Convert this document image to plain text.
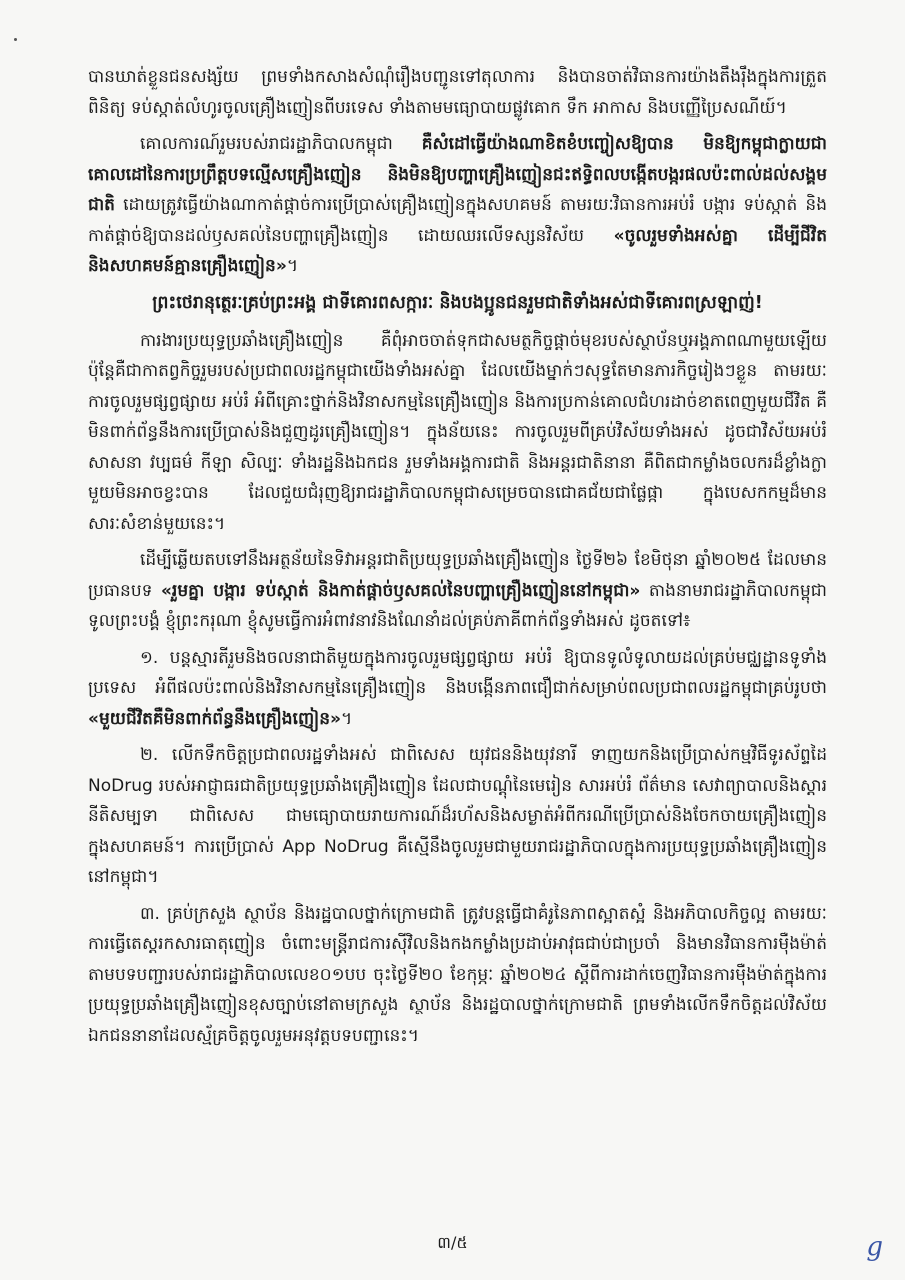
បានឃាត់ខ្លួនជនសង្ស័យ ព្រមទាំងកសាងសំណុំរឿងបញ្ជូនទៅតុលាការ និងបានចាត់វិធានការយ៉ាងតឹងរ៉ឹងក្នុងការត្រួតពិនិត្យ ទប់ស្កាត់លំហូរចូលគ្រឿងញៀនពីបរទេស ទាំងតាមមធ្យោបាយផ្លូវគោក ទឹក អាកាស និងបញ្ញើប្រៃសណីយ៍។

គោលការណ៍រួមរបស់រាជរដ្ឋាភិបាលកម្ពុជា គឺសំដៅធ្វើយ៉ាងណាខិតខំបញ្ចៀសឱ្យបាន មិនឱ្យកម្ពុជាក្លាយជាគោលដៅនៃការប្រព្រឹត្តបទល្មើសគ្រឿងញៀន និងមិនឱ្យបញ្ហាគ្រឿងញៀនជះឥទ្ធិពលបង្កើតបង្ករផលប៉ះពាល់ដល់សង្គមជាតិ ដោយត្រូវធ្វើយ៉ាងណាកាត់ផ្តាច់ការប្រើប្រាស់គ្រឿងញៀនក្នុងសហគមន៍ តាមរយៈវិធានការអប់រំ បង្ការ ទប់ស្កាត់ និងកាត់ផ្តាច់ឱ្យបានដល់ឫសគល់នៃបញ្ហាគ្រឿងញៀន ដោយឈរលើទស្សនវិស័យ «ចូលរួមទាំងអស់គ្នា ដើម្បីជីវិតនិងសហគមន៍គ្មានគ្រឿងញៀន»។

ព្រះថេរានុត្ថេរៈគ្រប់ព្រះអង្គ ជាទីគោរពសក្ការៈ និងបងប្អូនជនរួមជាតិទាំងអស់ជាទីគោរពស្រឡាញ់!

ការងារប្រយុទ្ធប្រឆាំងគ្រឿងញៀន គឺពុំអាចចាត់ទុកជាសមត្ថកិច្ចផ្តាច់មុខរបស់ស្ថាប័នឬអង្គភាពណាមួយឡើយ ប៉ុន្តែគឺជាកាតព្វកិច្ចរួមរបស់ប្រជាពលរដ្ឋកម្ពុជាយើងទាំងអស់គ្នា ដែលយើងម្នាក់ៗសុទ្ធតែមានភារកិច្ចរៀងៗខ្លួន តាមរយៈការចូលរួមផ្សព្វផ្សាយ អប់រំ អំពីគ្រោះថ្នាក់និងវិនាសកម្មនៃគ្រឿងញៀន និងការប្រកាន់គោលជំហរដាច់ខាតពេញមួយជីវិត គឺមិនពាក់ព័ន្ធនឹងការប្រើប្រាស់និងជួញដូរគ្រឿងញៀន។ ក្នុងន័យនេះ ការចូលរួមពីគ្រប់វិស័យទាំងអស់ ដូចជាវិស័យអប់រំ សាសនា វប្បធម៌ កីឡា សិល្បៈ ទាំងរដ្ឋនិងឯកជន រួមទាំងអង្គការជាតិ និងអន្តរជាតិនានា គឺពិតជាកម្លាំងចលករដ៏ខ្លាំងក្លាមួយមិនអាចខ្វះបាន ដែលជួយជំរុញឱ្យរាជរដ្ឋាភិបាលកម្ពុជាសម្រេចបានជោគជ័យជាផ្លែផ្កា ក្នុងបេសកកម្មដ៏មានសារៈសំខាន់មួយនេះ។

ដើម្បីឆ្លើយតបទៅនឹងអត្ថន័យនៃទិវាអន្តរជាតិប្រយុទ្ធប្រឆាំងគ្រឿងញៀន ថ្ងៃទី២៦ ខែមិថុនា ឆ្នាំ២០២៥ ដែលមានប្រធានបទ «រួមគ្នា បង្ការ ទប់ស្កាត់ និងកាត់ផ្តាច់ឫសគល់នៃបញ្ហាគ្រឿងញៀននៅកម្ពុជា» តាងនាមរាជរដ្ឋាភិបាលកម្ពុជា ទូលព្រះបង្គំ ខ្ញុំព្រះករុណា ខ្ញុំសូមធ្វើការអំពាវនាវនិងណែនាំដល់គ្រប់ភាគីពាក់ព័ន្ធទាំងអស់ ដូចតទៅ៖

១. បន្តស្មារតីរួមនិងចលនាជាតិមួយក្នុងការចូលរួមផ្សព្វផ្សាយ អប់រំ ឱ្យបានទូលំទូលាយដល់គ្រប់មជ្ឈដ្ឋានទូទាំងប្រទេស អំពីផលប៉ះពាល់និងវិនាសកម្មនៃគ្រឿងញៀន និងបង្កើនភាពជឿជាក់សម្រាប់ពលប្រជាពលរដ្ឋកម្ពុជាគ្រប់រូបថា «មួយជីវិតគឺមិនពាក់ព័ន្ធនឹងគ្រឿងញៀន»។

២. លើកទឹកចិត្តប្រជាពលរដ្ឋទាំងអស់ ជាពិសេស យុវជននិងយុវនារី ទាញយកនិងប្រើប្រាស់កម្មវិធីទូរស័ព្ទដៃ NoDrug របស់អាជ្ញាធរជាតិប្រយុទ្ធប្រឆាំងគ្រឿងញៀន ដែលជាបណ្តុំនៃមេរៀន សារអប់រំ ព័ត៌មាន សេវាព្យាបាលនិងស្តារនីតិសម្បទា ជាពិសេស ជាមធ្យោបាយរាយការណ៍ដ៏រហ័សនិងសម្ងាត់អំពីករណីប្រើប្រាស់និងចែកចាយគ្រឿងញៀនក្នុងសហគមន៍។ ការប្រើប្រាស់ App NoDrug គឺស្មើនឹងចូលរួមជាមួយរាជរដ្ឋាភិបាលក្នុងការប្រយុទ្ធប្រឆាំងគ្រឿងញៀននៅកម្ពុជា។

៣. គ្រប់ក្រសួង ស្ថាប័ន និងរដ្ឋបាលថ្នាក់ក្រោមជាតិ ត្រូវបន្តធ្វើជាគំរូនៃភាពស្អាតស្អំ និងអភិបាលកិច្ចល្អ តាមរយៈការធ្វើតេស្តរកសារធាតុញៀន ចំពោះមន្ត្រីរាជការស៊ីវិលនិងកងកម្លាំងប្រដាប់អាវុធជាប់ជាប្រចាំ និងមានវិធានការម៉ឺងម៉ាត់តាមបទបញ្ជារបស់រាជរដ្ឋាភិបាលលេខ០១បប ចុះថ្ងៃទី២០ ខែកុម្ភៈ ឆ្នាំ២០២៤ ស្តីពីការដាក់ចេញវិធានការម៉ឺងម៉ាត់ក្នុងការប្រយុទ្ធប្រឆាំងគ្រឿងញៀនខុសច្បាប់នៅតាមក្រសួង ស្ថាប័ន និងរដ្ឋបាលថ្នាក់ក្រោមជាតិ ព្រមទាំងលើកទឹកចិត្តដល់វិស័យឯកជននានាដែលស្ម័គ្រចិត្តចូលរួមអនុវត្តបទបញ្ជានេះ។

៣/៥	g
